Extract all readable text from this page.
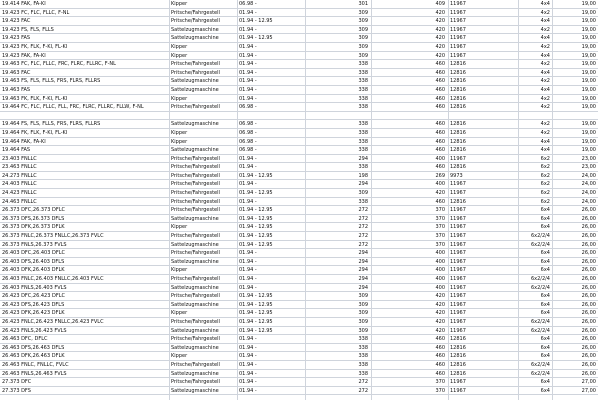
19.414 FAK, FA-KI	Kipper	06.98 -	301	409	11967	4x4	19,00
19.423 FC, FLC, FLLC, F-NL	Pritsche/Fahrgestell	01.94 -	309	420	11967	4x2	19,00
19.423 FAC	Pritsche/Fahrgestell	01.94 - 12.95	309	420	11967	4x4	19,00
19.423 FS, FLS, FLLS	Sattelzugmaschine	01.94 -	309	420	11967	4x2	19,00
19.423 FAS	Sattelzugmaschine	01.94 - 12.95	309	420	11967	4x4	19,00
19.423 FK, FLK, F-KI, FL-KI	Kipper	01.94 -	309	420	11967	4x2	19,00
19.423 FAK, FA-KI	Kipper	01.94 -	309	420	11967	4x4	19,00
19.463 FC, FLC, FLLC, FRC, FLRC, FLLRC, F-NL	Pritsche/Fahrgestell	01.94 -	338	460	12816	4x2	19,00
19.463 FAC	Pritsche/Fahrgestell	01.94 -	338	460	12816	4x4	19,00
19.463 FS, FLS, FLLS, FRS, FLRS, FLLRS	Sattelzugmaschine	01.94 -	338	460	12816	4x2	19,00
19.463 FAS	Sattelzugmaschine	01.94 -	338	460	12816	4x4	19,00
19.463 FK, FLK, F-KI, FL-KI	Kipper	01.94 -	338	460	12816	4x2	19,00
19.464 FC, FLC, FLLC, FLL, FRC, FLRC, FLLRC, FLLW, F-NL	Pritsche/Fahrgestell	06.98 -	338	460	12816	4x2	19,00
19.464 FS, FLS, FLLS, FRS, FLRS, FLLRS	Sattelzugmaschine	06.98 -	338	460	12816	4x2	19,00
19.464 FK, FLK, F-KI, FL-KI	Kipper	06.98 -	338	460	12816	4x2	19,00
19.464 FAK, FA-KI	Kipper	06.98 -	338	460	12816	4x4	19,00
19.464 FAS	Sattelzugmaschine	06.98 -	338	460	12816	4x4	19,00
23.403 FNLLC	Pritsche/Fahrgestell	01.94 -	294	400	11967	6x2	23,00
23.463 FNLLC	Pritsche/Fahrgestell	01.94 -	338	460	12816	6x2	23,00
24.273 FNLLC	Pritsche/Fahrgestell	01.94 - 12.95	198	269	9973	6x2	24,00
24.403 FNLLC	Pritsche/Fahrgestell	01.94 -	294	400	11967	6x2	24,00
24.423 FNLLC	Pritsche/Fahrgestell	01.94 - 12.95	309	420	11967	6x2	24,00
24.463 FNLLC	Pritsche/Fahrgestell	01.94 -	338	460	12816	6x2	24,00
26.373 DFC,26.373 DFLC	Pritsche/Fahrgestell	01.94 - 12.95	272	370	11967	6x4	26,00
26.373 DFS,26.373 DFLS	Sattelzugmaschine	01.94 - 12.95	272	370	11967	6x4	26,00
26.373 DFK,26.373 DFLK	Kipper	01.94 - 12.95	272	370	11967	6x4	26,00
26.373 FNLC,26.373 FNLLC,26.373 FVLC	Pritsche/Fahrgestell	01.94 - 12.95	272	370	11967	6x2/2/4	26,00
26.373 FNLS,26.373 FVLS	Sattelzugmaschine	01.94 - 12.95	272	370	11967	6x2/2/4	26,00
26.403 DFC,26.403 DFLC	Pritsche/Fahrgestell	01.94 -	294	400	11967	6x4	26,00
26.403 DFS,26.403 DFLS	Sattelzugmaschine	01.94 -	294	400	11967	6x4	26,00
26.403 DFK,26.403 DFLK	Kipper	01.94 -	294	400	11967	6x4	26,00
26.403 FNLC,26.403 FNLLC,26.403 FVLC	Pritsche/Fahrgestell	01.94 -	294	400	11967	6x2/2/4	26,00
26.403 FNLS,26.403 FVLS	Sattelzugmaschine	01.94 -	294	400	11967	6x2/2/4	26,00
26.423 DFC,26.423 DFLC	Pritsche/Fahrgestell	01.94 - 12.95	309	420	11967	6x4	26,00
26.423 DFS,26.423 DFLS	Sattelzugmaschine	01.94 - 12.95	309	420	11967	6x4	26,00
26.423 DFK,26.423 DFLK	Kipper	01.94 - 12.95	309	420	11967	6x4	26,00
26.423 FNLC,26.423 FNLLC,26.423 FVLC	Pritsche/Fahrgestell	01.94 - 12.95	309	420	11967	6x2/2/4	26,00
26.423 FNLS,26.423 FVLS	Sattelzugmaschine	01.94 - 12.95	309	420	11967	6x2/2/4	26,00
26.463 DFC, DFLC	Pritsche/Fahrgestell	01.94 -	338	460	12816	6x4	26,00
26.463 DFS,26.463 DFLS	Sattelzugmaschine	01.94 -	338	460	12816	6x4	26,00
26.463 DFK,26.463 DFLK	Kipper	01.94 -	338	460	12816	6x4	26,00
26.463 FNLC, FNLLC, FVLC	Pritsche/Fahrgestell	01.94 -	338	460	12816	6x2/2/4	26,00
26.463 FNLS,26.463 FVLS	Sattelzugmaschine	01.94 -	338	460	12816	6x2/2/4	26,00
27.373 DFC	Pritsche/Fahrgestell	01.94 -	272	370	11967	6x4	27,00
27.373 DFS	Sattelzugmaschine	01.94 -	272	370	11967	6x4	27,00
